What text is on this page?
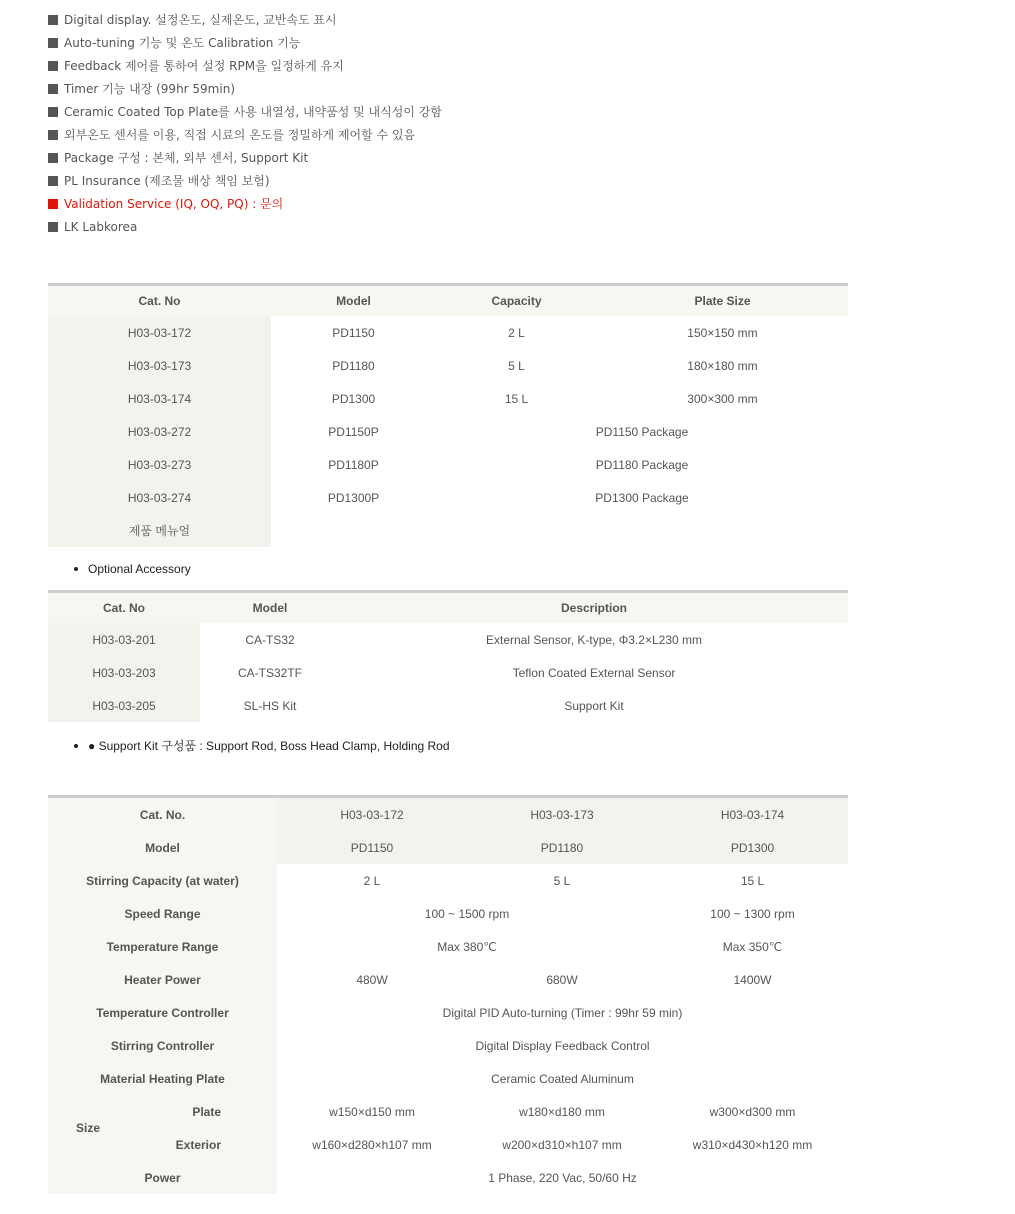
Digital display. 설정온도, 실제온도, 교반속도 표시
Auto-tuning 기능 및 온도 Calibration 기능
Feedback 제어를 통하여 설정 RPM을 일정하게 유지
Timer 기능 내장 (99hr 59min)
Ceramic Coated Top Plate를 사용 내열성, 내약품성 및 내식성이 강함
외부온도 센서를 이용, 직접 시료의 온도를 정밀하게 제어할 수 있음
Package 구성 : 본체, 외부 센서, Support Kit
PL Insurance (제조물 배상 책임 보험)
Validation Service (IQ, OQ, PQ) : 문의
LK Labkorea
Cat. No	Model	Capacity	Plate Size
H03-03-172	PD1150	2 L	150×150 mm
H03-03-173	PD1180	5 L	180×180 mm
H03-03-174	PD1300	15 L	300×300 mm
H03-03-272	PD1150P	PD1150 Package	
H03-03-273	PD1180P	PD1180 Package	
H03-03-274	PD1300P	PD1300 Package	
제품 메뉴얼			

Optional Accessory

Cat. No	Model	Description
H03-03-201	CA-TS32	External Sensor, K-type, Φ3.2×L230 mm
H03-03-203	CA-TS32TF	Teflon Coated External Sensor
H03-03-205	SL-HS Kit	Support Kit

● Support Kit 구성품 : Support Rod, Boss Head Clamp, Holding Rod

Cat. No.		H03-03-172	H03-03-173	H03-03-174
Model		PD1150	PD1180	PD1300
Stirring Capacity (at water)		2 L	5 L	15 L
Speed Range		100 ~ 1500 rpm		100 ~ 1300 rpm
Temperature Range		Max 380℃		Max 350℃
Heater Power		480W	680W	1400W
Temperature Controller		Digital PID Auto-turning (Timer : 99hr 59 min)		
Stirring Controller		Digital Display Feedback Control		
Material Heating Plate		Ceramic Coated Aluminum		
Size	Plate	w150×d150 mm	w180×d180 mm	w300×d300 mm
	Exterior	w160×d280×h107 mm	w200×d310×h107 mm	w310×d430×h120 mm
Power		1 Phase, 220 Vac, 50/60 Hz		
